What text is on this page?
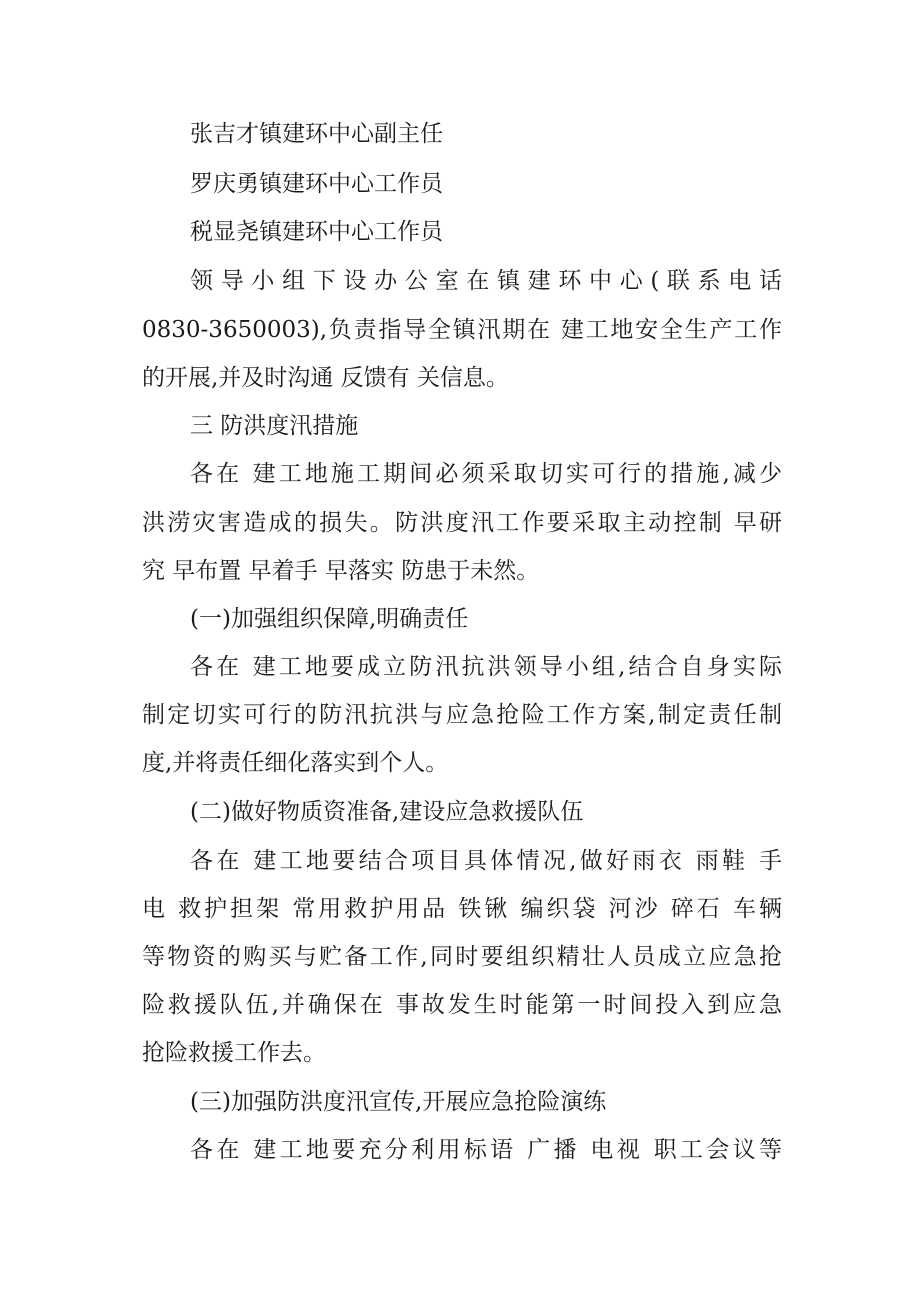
张吉才镇建环中心副主任
罗庆勇镇建环中心工作员
税显尧镇建环中心工作员
领 导 小 组 下 设 办 公 室 在 镇 建 环 中 心 ( 联 系 电 话
0830-3650003),负责指导全镇汛期在 建工地安全生产工作
的开展,并及时沟通 反馈有 关信息。
三 防洪度汛措施
各在 建工地施工期间必须采取切实可行的措施,减少
洪涝灾害造成的损失。防洪度汛工作要采取主动控制 早研
究 早布置 早着手 早落实 防患于未然。
(一)加强组织保障,明确责任
各在 建工地要成立防汛抗洪领导小组,结合自身实际
制定切实可行的防汛抗洪与应急抢险工作方案,制定责任制
度,并将责任细化落实到个人。
(二)做好物质资准备,建设应急救援队伍
各在 建工地要结合项目具体情况,做好雨衣 雨鞋 手
电 救护担架 常用救护用品 铁锹 编织袋 河沙 碎石 车辆
等物资的购买与贮备工作,同时要组织精壮人员成立应急抢
险救援队伍,并确保在 事故发生时能第一时间投入到应急
抢险救援工作去。
(三)加强防洪度汛宣传,开展应急抢险演练
各在 建工地要充分利用标语 广播 电视 职工会议等
